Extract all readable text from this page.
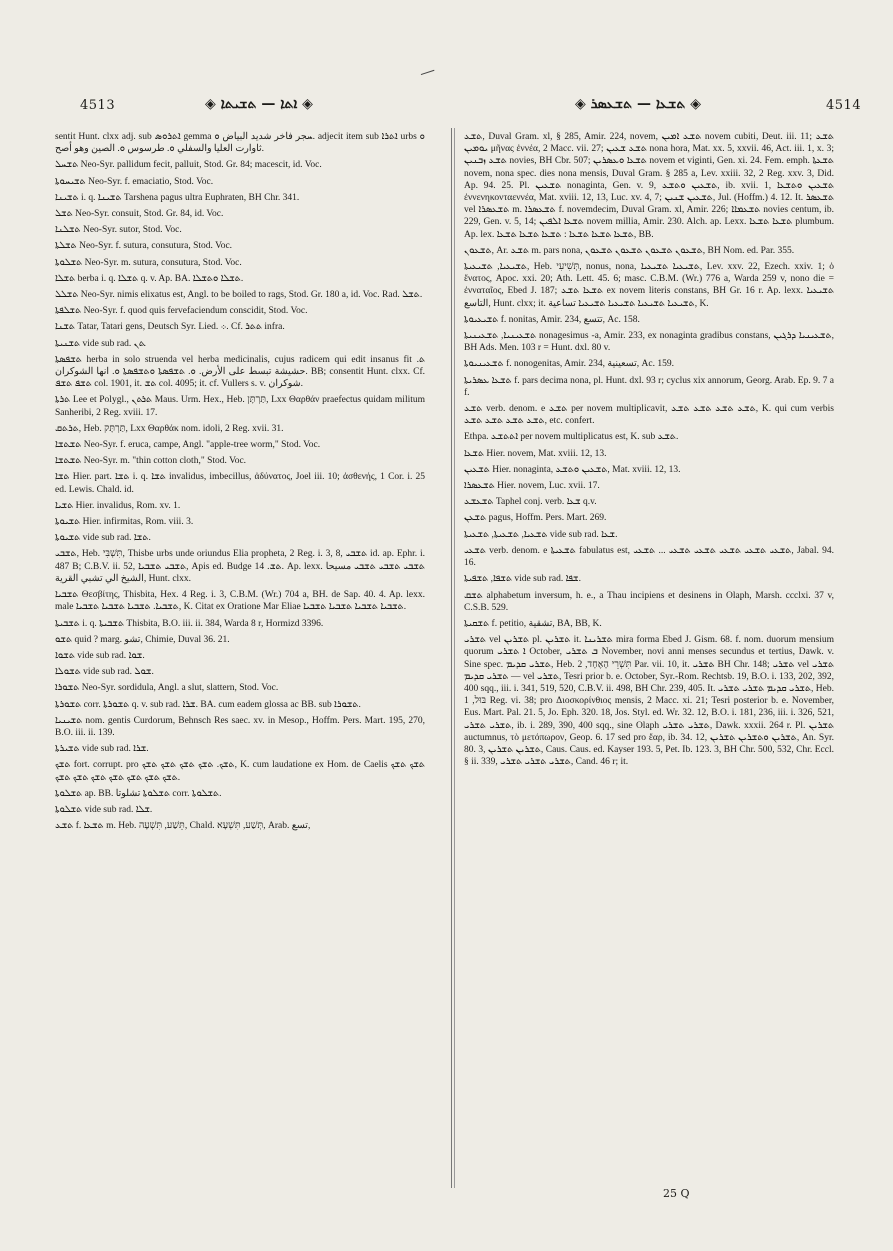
4513	◈ ܐܬܐ — ܬܫܝܬܐ ◈	◈ ܬܫܥܐ — ܬܫܥܣܪ ◈	4514

sentit Hunt. clxx adj. sub ܐܬܪܘܣ gemma ܚجر فاخر شديد البياض ܘ. adjecit item sub ܐܬܪܐ urbs ܘ ثاوارت العليا والسفلي ܘ. طرسوس ܘ. الصين وهو أصح.

ܬܫܚܠ Neo-Syr. pallidum fecit, palluit, Stod. Gr. 84; macescit, id. Voc.

ܬܫܝܚܘܬܐ Neo-Syr. f. emaciatio, Stod. Voc.

ܬܫܝܢܐ i. q. ܬܫܝܢܐ Tarshena pagus ultra Euphraten, BH Chr. 341.

ܬܫܠ Neo-Syr. consuit, Stod. Gr. 84, id. Voc.

ܬܫܠܢܐ Neo-Syr. sutor, Stod. Voc.

ܬܫܠܬܐ Neo-Syr. f. sutura, consutura, Stod. Voc.

ܬܫܠܘܬܐ Neo-Syr. m. sutura, consutura, Stod. Voc.

ܬܫܠܐ berba i. q. ܬܫܠܐ q. v. Ap. BA. ܬܫܠܐ ܘܬܫܠܐ.

ܬܫܠܠ Neo-Syr. nimis elixatus est, Angl. to be boiled to rags, Stod. Gr. 180 a, id. Voc. Rad. ܬܫܠ.

ܬܫܠܦܬܐ Neo-Syr. f. quod quis fervefaciendum conscidit, Stod. Voc.

ܬܫܢܐ Tatar, Tatari gens, Deutsch Syr. Lied. ܀. Cf. ܬܬܪ infra.

ܬܫܢܝܬܐ vide sub rad. ܬܢ.

ܬܫܦܣܬܐ herba in solo struenda vel herba medicinalis, cujus radicem qui edit insanus fit ܬ. حشيشة تبسط على الأرض. ܘ. ܬܫܦܣܬܐ ܘܬܫܦܣܬܐ ܘ. انها الشوكران. BB; consentit Hunt. clxx. Cf. ܬܫܦ ܬܫܦ col. 1901, it. ܬܫ col. 4095; it. cf. Vullers s. v. شوكران.

ܬܪܬܐ Lee et Polygl., ܬܪܬܢ Maus. Urm. Hex., Heb. תַּרְתָּן, Lxx Θαρθάν praefectus quidam militum Sanheribi, 2 Reg. xviii. 17.

ܬܪܬܩ, Heb. תַּרְתָּק, Lxx Θαρθάκ nom. idoli, 2 Reg. xvii. 31.

ܬܫܬܫܐ Neo-Syr. f. eruca, campe, Angl. "apple-tree worm," Stod. Voc.

ܬܫܬܫܐ Neo-Syr. m. "thin cotton cloth," Stod. Voc.

ܬܫܐ Hier. part. ܬܫܐ i. q. ܬܫܐ invalidus, imbecillus, ἀδύνατος, Joel iii. 10; ἀσθενής, 1 Cor. i. 25 ed. Lewis. Chald. id.

ܬܫܝܐ Hier. invalidus, Rom. xv. 1.

ܬܫܝܘܬܐ Hier. infirmitas, Rom. viii. 3.

ܬܫܝܘܬܐ vide sub rad. ܬܫܐ.

ܬܫܒܝ, Heb. תִּשְׁבִּי, Thisbe urbs unde oriundus Elia propheta, 2 Reg. i. 3, 8, ܬܫܒܝ id. ap. Ephr. i. 487 B; C.B.V. ii. 52, ܬܫܒܝ ܬܫܒܝܐ, Apis ed. Budge ܬܫ. 14. Ap. lexx. ܬܫܒܝ ܬܫܒܝ ܬܫܒܝ مسيحا الشيخ الي تشبي القرية, Hunt. clxx.

ܬܫܒܝܐ Θεσβίτης, Thisbita, Hex. 4 Reg. i. 3, C.B.M. (Wr.) 704 a, BH. de Sap. 40. 4. Ap. lexx. male ܬܫܒܝܐ. ܬܫܒܝܐ ܬܫܒܝܐ ܬܫܒܝܐ, K. Citat ex Oratione Mar Eliae ܬܫܒܝܐ ܬܫܒܝܐ ܬܫܒܝܐ ܬܫܒܝܐ.

ܬܫܒܝܬܐ i. q. ܬܫܒܝܬܐ Thisbita, B.O. iii. ii. 384, Warda 8 r, Hormizd 3396.

ܬܫܘ quid ? marg. تشو, Chimie, Duval 36. 21.

ܬܫܘܐ vide sub rad. ܫܘܐ.

ܬܫܘܠܐ vide sub rad. ܫܘܠ.

ܬܫܘܪܐ Neo-Syr. sordidula, Angl. a slut, slattern, Stod. Voc.

ܬܫܘܪܬܐ corr. ܬܫܘܪܬܐ q. v. sub rad. ܫܪܐ. BA. cum eadem glossa ac BB. sub ܬܫܘܪܐ.

ܬܫܝܢܝܐ nom. gentis Curdorum, Behnsch Res saec. xv. in Mesop., Hoffm. Pers. Mart. 195, 270, B.O. iii. ii. 139.

ܬܫܝܪܬܐ vide sub rad. ܫܪܐ.

ܬܫܟ fort. corrupt. pro ܬܫܟ. ܬܫܟ ܬܫܟ ܬܫܟ ܬܫܟ, K. cum laudatione ex Hom. de Caelis ܬܫܟ ܬܫܟ ܬܫܟ ܬܫܟ ܬܫܟ ܬܫܟ ܬܫܟ ܬܫܟ ܬܫܟ.

ܬܫܠܘܬܐ ap. BB. ܬܫܠܘܬܐ تشلوتا corr. ܬܫܠܘܬܐ.

ܬܫܠܘܬܐ vide sub rad. ܫܠܐ.

ܬܫܥ f. ܬܫܥܐ m. Heb. תֵּשַׁע, תִּשְׁעָה, Chald. תְּשַׁע, תִּשְׁעָא, Arab. تسع,

ܬܫܥ, Duval Gram. xl, § 285, Amir. 224, novem, ܬܫܥ ܐܡܝܢ novem cubiti, Deut. iii. 11; ܬܫܥ ܝܘܡܝܢ μῆνας ἐννέα, 2 Macc. vii. 27; ܬܫܥ ܫܥܝܢ nona hora, Mat. xx. 5, xxvii. 46, Act. iii. 1, x. 3; ܬܫܥ ܙܒܢܝܢ novies, BH Cbr. 507; ܬܫܥܐ ܘܥܣܪܝܢ novem et viginti, Gen. xi. 24. Fem. emph. ܬܫܥܬܐ novem, nona spec. dies nona mensis, Duval Gram. § 285 a, Lev. xxiii. 32, 2 Reg. xxv. 3, Did. Ap. 94. 25. Pl. ܬܫܥܝܢ nonaginta, Gen. v. 9, ܬܫܥܝܢ ܘܬܫܥ, ib. xvii. 1, ܬܫܥܝܢ ܘܬܫܥܐ ἐννενηκονταεννέα, Mat. xviii. 12, 13, Luc. xv. 4, 7; ܬܫܥܝܢ ܫܢܝܢ, Jul. (Hoffm.) 4. 12. It. ܬܫܥܣܪ vel ܬܫܥܣܪܐ m. ܬܫܥܣܪܐ f. novemdecim, Duval Gram. xl, Amir. 226; ܬܫܥܡܐܐ novies centum, ib. 229, Gen. v. 5, 14; ܬܫܥܐ ܐܠܦܝܢ novem millia, Amir. 230. Alch. ap. Lexx. ܬܫܥܐ ܬܫܥܐ plumbum. Ap. lex. ܬܫܥܐ ܬܫܥܐ ܬܫܥܐ : ܬܫܥܐ ܬܫܥܐ ܬܫܥܐ, BB.

ܬܫܥܘܢ, Ar. ܬܫܥ m. pars nona, ܬܫܥܘܢ ܬܫܥܘܢ ܬܫܥܘܢ ܬܫܥܘܢ, BH Nom. ed. Par. 355.

ܬܫܝܥܝܐ, ܬܫܝܥܝܬܐ, Heb. תְּשִׁיעִי, nonus, nona, ܬܫܝܥܝܐ ܬܫܝܥܝܐ, Lev. xxv. 22, Ezech. xxiv. 1; ὁ ἔνατος, Apoc. xxi. 20; Ath. Lett. 45. 6; masc. C.B.M. (Wr.) 776 a, Warda 259 v, nono die = ἐνναταῖος, Ebed J. 187; ܬܫܥܐ ܬܫܥ ex novem literis constans, BH Gr. 16 r. Ap. lexx. ܬܫܝܥܝܐ التاسع, Hunt. clxx; it. ܬܫܝܥܝܐ ܬܫܝܥܝܐ ܬܫܝܥܝܐ ܬܫܝܥܝܐ تساعية, K.

ܬܫܝܥܝܘܬܐ f. nonitas, Amir. 234, تتسع, Ac. 158.

ܬܫܥܝܢܝܐ, ܬܫܥܝܢܝܬܐ nonagesimus -a, Amir. 233, ex nonaginta gradibus constans, ܬܫܥܝܢܝܐ ܕܪܓܝܢ, BH Ads. Men. 103 r = Hunt. dxl. 80 v.

ܬܫܥܝܢܝܘܬܐ f. nonogenitas, Amir. 234, تسعينية, Ac. 159.

ܬܫܥܐ ܥܣܪܝܬܐ f. pars decima nona, pl. Hunt. dxl. 93 r; cyclus xix annorum, Georg. Arab. Ep. 9. 7 a f.

ܬܫܥ verb. denom. e ܬܫܥ per novem multiplicavit, ܬܫܥ ܬܫܥ ܬܫܥ ܬܫܥ, K. qui cum verbis ܬܫܥ ܬܫܥ ܬܫܥ ܬܫܥ, etc. confert.

Ethpa. ܐܬܬܫܥ per novem multiplicatus est, K. sub ܬܫܥ.

ܬܫܥܐ Hier. novem, Mat. xviii. 12, 13.

ܬܫܥܝܢ Hier. nonaginta, ܬܫܥܝܢ ܘܬܫܥ, Mat. xviii. 12, 13.

ܬܫܥܣܪܐ Hier. novem, Luc. xvii. 17.

ܬܫܥܫܥ Taphel conj. verb. ܫܥܐ q.v.

ܬܫܥܢ pagus, Hoffm. Pers. Mart. 269.

ܬܫܥܝܐ, ܬܫܥܝܬܐ, ܬܫܥܝܬܐ vide sub rad. ܫܥܐ.

ܬܫܥܝ verb. denom. e ܬܫܥܝܬܐ fabulatus est, ܬܫܥܝ ܬܫܥܝ ܬܫܥܝ ܬܫܥܝ ܬܫܥܝ ... ܬܫܥܝ, Jabal. 94. 16.

ܬܫܦܐ, ܬܫܦܝܬܐ vide sub rad. ܫܦܐ.

ܬܫܩ alphabetum inversum, h. e., a Thau incipiens et desinens in Olaph, Marsh. ccclxi. 37 v, C.S.B. 529.

ܬܫܩܝܬܐ f. petitio, تشقية, BA, BB, K.

ܬܫܪܝ vel ܬܫܪܝܢ pl. ܬܫܪܝܢ it. ܬܫܪܝܢܐ mira forma Ebed J. Gism. 68. f. nom. duorum mensium quorum ܐ ܬܫܪܝ October, ܒ ܬܫܪܝ November, novi anni menses secundus et tertius, Dawk. v. Sine spec. ܬܫܪܝ ܩܕܝܡ, Heb. תִּשְׁרֵי הָאֶחָד, 2 Par. vii. 10, it. ܬܫܪܝ BH Chr. 148; ܬܫܪܝ vel ܬܫܪܝ — ܬܫܪܝ ܩܕܝܡ vel ܬܫܪܝ, Tesri prior b. e. October, Syr.-Rom. Rechtsb. 19, B.O. i. 133, 202, 392, 400 sqq., iii. i. 341, 519, 520, C.B.V. ii. 498, BH Chr. 239, 405. It. ܬܫܪܝ ܩܕܝܡ ܬܫܪܝ ܬܫܪܝ, Heb. בּוּל, 1 Reg. vi. 38; pro Διοσκορίνθιος mensis, 2 Macc. xi. 21; Tesri posterior b. e. November, Eus. Mart. Pal. 21. 5, Jo. Eph. 320. 18, Jos. Styl. ed. Wr. 32. 12, B.O. i. 181, 236, iii. i. 326, 521, ܬܫܪܝ ܬܫܪܝ, ib. i. 289, 390, 400 sqq., sine Olaph ܬܫܪܝ ܬܫܪܝ, Dawk. xxxii. 264 r. Pl. ܬܫܪܝܢ auctumnus, τὸ μετόπωρον, Geop. 6. 17 sed pro ἔαρ, ib. 34. 12, ܬܫܪܝܢ ܘܬܫܪܝܢ ܬܫܪܝܢ, An. Syr. 80. 3, ܬܫܪܝܢ ܬܫܪܝܢ, Caus. Caus. ed. Kayser 193. 5, Pet. Ib. 123. 3, BH Chr. 500, 532, Chr. Eccl. § ii. 339, ܬܫܪܝ ܬܫܪܝ ܬܫܪܝ, Cand. 46 r; it.

25 Q
